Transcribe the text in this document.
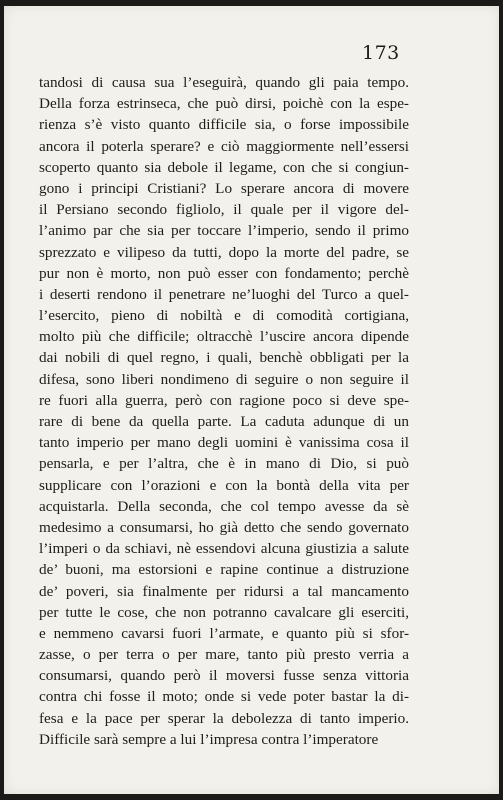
173
tandosi di causa sua l’eseguirà, quando gli paia tempo.
Della forza estrinseca, che può dirsi, poichè con la espe-
rienza s’è visto quanto difficile sia, o forse impossibile
ancora il poterla sperare? e ciò maggiormente nell’essersi
scoperto quanto sia debole il legame, con che si congiun-
gono i principi Cristiani? Lo sperare ancora di movere
il Persiano secondo figliolo, il quale per il vigore del-
l’animo par che sia per toccare l’imperio, sendo il primo
sprezzato e vilipeso da tutti, dopo la morte del padre, se
pur non è morto, non può esser con fondamento; perchè
i deserti rendono il penetrare ne’luoghi del Turco a quel-
l’esercito, pieno di nobiltà e di comodità cortigiana,
molto più che difficile; oltracchè l’uscire ancora dipende
dai nobili di quel regno, i quali, benchè obbligati per la
difesa, sono liberi nondimeno di seguire o non seguire il
re fuori alla guerra, però con ragione poco si deve spe-
rare di bene da quella parte. La caduta adunque di un
tanto imperio per mano degli uomini è vanissima cosa il
pensarla, e per l’altra, che è in mano di Dio, si può
supplicare con l’orazioni e con la bontà della vita per
acquistarla. Della seconda, che col tempo avesse da sè
medesimo a consumarsi, ho già detto che sendo governato
l’imperi o da schiavi, nè essendovi alcuna giustizia a salute
de’ buoni, ma estorsioni e rapine continue a distruzione
de’ poveri, sia finalmente per ridursi a tal mancamento
per tutte le cose, che non potranno cavalcare gli eserciti,
e nemmeno cavarsi fuori l’armate, e quanto più si sfor-
zasse, o per terra o per mare, tanto più presto verria a
consumarsi, quando però il moversi fusse senza vittoria
contra chi fosse il moto; onde si vede poter bastar la di-
fesa e la pace per sperar la debolezza di tanto imperio.
Difficile sarà sempre a lui l’impresa contra l’imperatore
